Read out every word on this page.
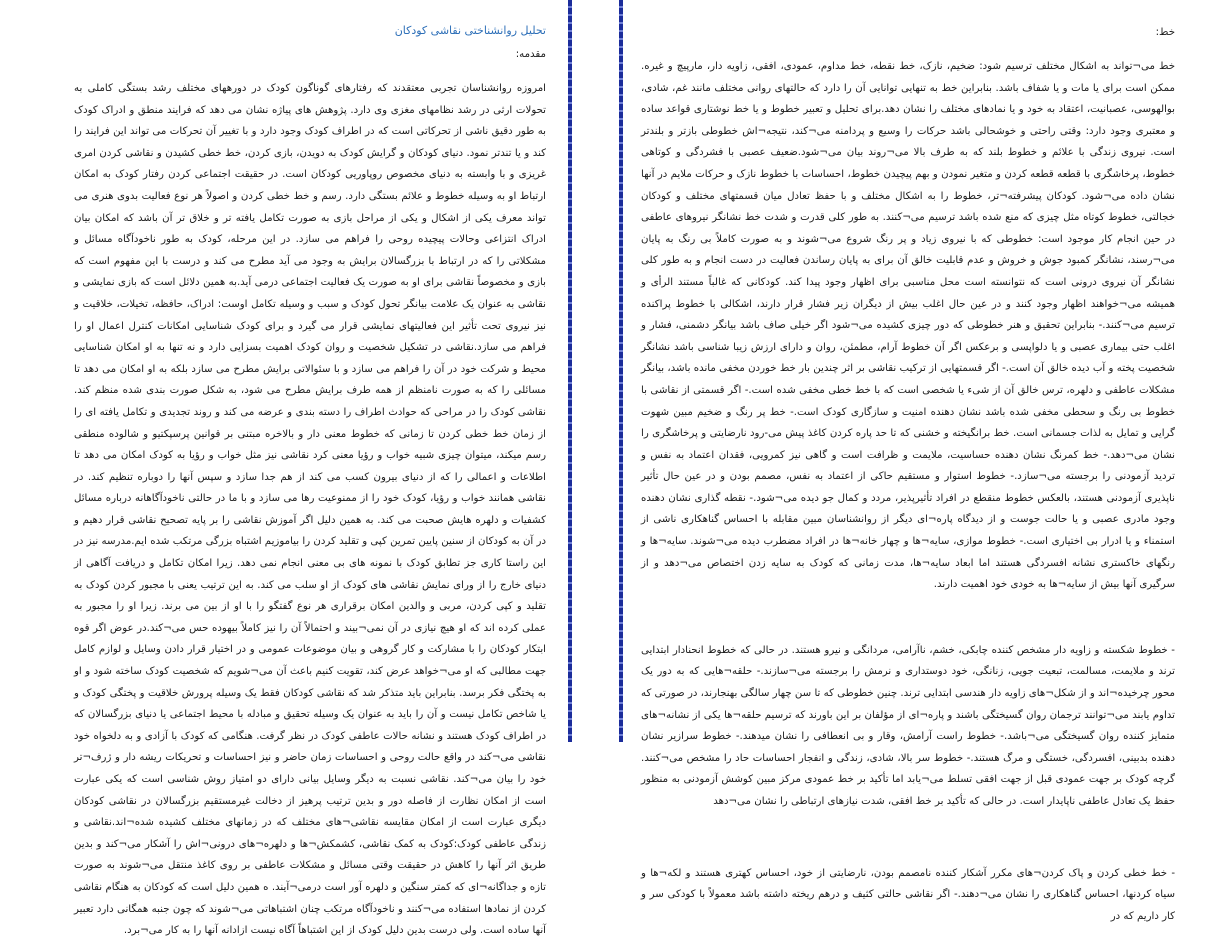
تحلیل روانشناختی نقاشی کودکان
مقدمه:

امروزه روانشناسان تجربی معتقدند که رفتارهای گوناگون کودک در دورههای مختلف رشد بستگی کاملی به تحولات ارثی در رشد نظامهای مغزی وی دارد. پژوهش های پیاژه نشان می دهد که فرایند منطق و ادراک کودک به طور دقیق ناشی از تحرکاتی است که در اطراف کودک وجود دارد و با تغییر آن تحرکات می تواند این فرایند را کند و یا تندتر نمود. دنیای کودکان و گرایش کودک به دویدن، بازی کردن، خط خطی کشیدن و نقاشی کردن امری غریزی و با وابسته به دنیای مخصوص روپاوریی کودکان است. در حقیقت اجتماعی کردن رفتار کودک به امکان ارتباط او به وسیله خطوط و علائم بستگی دارد. رسم و خط خطی کردن و اصولاً هر نوع فعالیت بدوی هنری می تواند معرف یکی از اشکال و یکی از مراحل بازی به صورت تکامل یافته تر و خلاق تر آن باشد که امکان بیان ادراک انتزاعی وحالات پیچیده روحی را فراهم می سازد. در این مرحله، کودک به طور ناخودآگاه مسائل و مشکلاتی را که در ارتباط با بزرگسالان برایش به وجود می آید مطرح می کند و درست با این مفهوم است که بازی و مخصوصاً نقاشی برای او به صورت یک فعالیت اجتماعی درمی آید.به همین دلائل است که بازی نمایشی و نقاشی به عنوان یک علامت بیانگر تحول کودک و سبب و وسیله تکامل اوست: ادراک، حافظه، تخیلات، خلاقیت و نیز نیروی تحت تأثیر این فعالیتهای نمایشی قرار می گیرد و برای کودک شناسایی امکانات کنترل اعمال او را فراهم می سازد.نقاشی در تشکیل شخصیت و روان کودک اهمیت بسزایی دارد و نه تنها به او امکان شناسایی محیط و شرکت خود در آن را فراهم می سازد و با سئوالاتی برایش مطرح می سازد بلکه به او امکان می دهد تا مسائلی را که به صورت نامنظم از همه طرف برایش مطرح می شود، به شکل صورت بندی شده منظم کند. نقاشی کودک را در مراحی که حوادث اطراف را دسته بندی و عرضه می کند و روند تجدیدی و تکامل یافته ای را از زمان خط خطی کردن تا زمانی که خطوط معنی دار و بالاخره مبتنی بر قوانین پرسپکتیو و شالوده منطقی رسم میکند، میتوان چیزی شبیه خواب و رؤیا معنی کرد نقاشی نیز مثل خواب و رؤیا به کودک امکان می دهد تا اطلاعات و اعمالی را که از دنیای بیرون کسب می کند از هم جدا سازد و سپس آنها را دوباره تنظیم کند. در نقاشی همانند خواب و رؤیا، کودک خود را از ممنوعیت رها می سازد و با ما در حالتی ناخودآگاهانه درباره مسائل کشفیات و دلهره هایش صحبت می کند. به همین دلیل اگر آموزش نقاشی را بر پایه تصحیح نقاشی قرار دهیم و در آن به کودکان از سنین پایین تمرین کپی و تقلید کردن را بیاموزیم اشتباه بزرگی مرتکب شده ایم.مدرسه نیز در این راستا کاری جز تطابق کودک با نمونه های بی معنی انجام نمی دهد. زیرا امکان تکامل و دریافت آگاهی از دنیای خارج را از ورای نمایش نقاشی های کودک از او سلب می کند. به این ترتیب یعنی با مجبور کردن کودک به تقلید و کپی کردن، مربی و والدین امکان برقراری هر نوع گفتگو را با او از بین می برند. زیرا او را مجبور به عملی کرده اند که او هیچ نیازی در آن نمی¬بیند و احتمالاً آن را نیز کاملاً بیهوده حس می¬کند.در عوض اگر قوه ابتکار کودکان را با مشارکت و کار گروهی و بیان موضوعات عمومی و در اختیار قرار دادن وسایل و لوازم کامل جهت مطالبی که او می¬خواهد عرض کند، تقویت کنیم باعث آن می¬شویم که شخصیت کودک ساخته شود و او به پختگی فکر برسد. بنابراین باید متذکر شد که نقاشی کودکان فقط یک وسیله پرورش خلاقیت و پختگی کودک و یا شاخص تکامل نیست و آن را باید به عنوان یک وسیله تحقیق و مبادله با محیط اجتماعی یا دنیای بزرگسالان که در اطراف کودک هستند و نشانه حالات عاطفی کودک در نظر گرفت. هنگامی که کودک با آزادی و به دلخواه خود نقاشی می¬کند در واقع حالت روحی و احساسات زمان حاضر و نیز احساسات و تحریکات ریشه دار و ژرف¬تر خود را بیان می¬کند. نقاشی نسبت به دیگر وسایل بیانی دارای دو امتیاز روش شناسی است که یکی عبارت است از امکان نظارت از فاصله دور و بدین ترتیب پرهیز از دخالت غیرمستقیم بزرگسالان در نقاشی کودکان دیگری عبارت است از امکان مقایسه نقاشی¬های مختلف که در زمانهای مختلف کشیده شده¬اند.نقاشی و زندگی عاطفی کودک:کودک به کمک نقاشی، کشمکش¬ها و دلهره¬های درونی¬اش را آشکار می¬کند و بدین طریق اثر آنها را کاهش در حقیقت وقتی مسائل و مشکلات عاطفی بر روی کاغذ منتقل می¬شوند به صورت تازه و جداگانه¬ای که کمتر سنگین و دلهره آور است درمی¬آیند. ه همین دلیل است که کودکان به هنگام نقاشی کردن از نمادها استفاده می¬کنند و ناخودآگاه مرتکب چنان اشتباهاتی می¬شوند که چون جنبه همگانی دارد تعبیر آنها ساده است. ولی درست بدین دلیل کودک از این اشتباهاً آگاه نیست ازادانه آنها را به کار می¬برد.

خط:

خط می¬تواند به اشکال مختلف ترسیم شود: ضخیم، نازک، خط نقطه، خط مداوم، عمودی، افقی، زاویه دار، مارپیچ و غیره. ممکن است برای یا مات و یا شفاف باشد. بنابراین خط به تنهایی توانایی آن را دارد که حالتهای روانی مختلف مانند غم، شادی، بوالهوسی، عصبانیت، اعتقاد به خود و یا نمادهای مختلف را نشان دهد.برای تحلیل و تعبیر خطوط و یا خط نوشتاری قواعد ساده و معتبری وجود دارد: وقتی راحتی و خوشحالی باشد حرکات را وسیع و پردامنه می¬کند، نتیجه¬اش خطوطی بازتر و بلندتر است. نیروی زندگی با علائم و خطوط بلند که به طرف بالا می¬روند بیان می¬شود.ضعیف عصبی با فشردگی و کوتاهی خطوط، پرخاشگری با قطعه قطعه کردن و متغیر نمودن و بهم پیچیدن خطوط، احساسات با خطوط نازک و حرکات ملایم در آنها نشان داده می¬شود. کودکان پیشرفته¬تر، خطوط را به اشکال مختلف و با حفظ تعادل میان قسمتهای مختلف و کودکان خجالتی، خطوط کوتاه مثل چیزی که منع شده باشد ترسیم می¬کنند. به طور کلی قدرت و شدت خط نشانگر نیروهای عاطفی در حین انجام کار موجود است: خطوطی که با نیروی زیاد و پر رنگ شروع می¬شوند و به صورت کاملاً بی رنگ به پایان می¬رسند، نشانگر کمبود جوش و خروش و عدم قابلیت خالق آن برای به پایان رساندن فعالیت در دست انجام و به طور کلی نشانگر آن نیروی درونی است که نتوانسته است محل مناسبی برای اظهار وجود پیدا کند. کودکانی که غالباً مستند الرأی و همیشه می¬خواهند اظهار وجود کنند و در عین حال اغلب بیش از دیگران زیر فشار قرار دارند، اشکالی با خطوط پراکنده ترسیم می¬کنند.- بنابراین تحقیق و هنر خطوطی که دور چیزی کشیده می¬شود اگر خیلی صاف باشد بیانگر دشمنی، فشار و اغلب حتی بیماری عصبی و یا دلواپسی و برعکس اگر آن خطوط آرام، مطمئن، روان و دارای ارزش زیبا شناسی باشد نشانگر شخصیت پخته و آب دیده خالق آن است.- اگر قسمتهایی از ترکیب نقاشی بر اثر چندین بار خط خوردن مخفی مانده باشد، بیانگر مشکلات عاطفی و دلهره، ترس خالق آن از شیء یا شخصی است که با خط خطی مخفی شده است.- اگر قسمتی از نقاشی با خطوط بی رنگ و سحطی مخفی شده باشد نشان دهنده امنیت و سازگاری کودک است.- خط پر رنگ و ضخیم مبین شهوت گرایی و تمایل به لذات جسمانی است. خط برانگیخته و خشنی که تا حد پاره کردن کاغذ پیش می-رود نارضایتی و پرخاشگری را نشان می¬دهد.- خط کمرنگ نشان دهنده حساسیت، ملایمت و ظرافت است و گاهی نیز کمرویی، فقدان اعتماد به نفس و تردید آزمودنی را برجسته می¬سازد.- خطوط استوار و مستقیم حاکی از اعتماد به نفس، مصمم بودن و در عین حال تأثیر ناپذیری آزمودنی هستند، بالعکس خطوط منقطع در افراد تأثیرپذیر، مردد و کمال جو دیده می¬شود.- نقطه گذاری نشان دهنده وجود مادری عصبی و یا حالت جوست و از دیدگاه پاره¬ای دیگر از روانشناسان مبین مقابله با احساس گناهکاری ناشی از استمناء و یا ادرار بی اختیاری است.- خطوط موازی، سایه¬ها و چهار خانه¬ها در افراد مضطرب دیده می¬شوند. سایه¬ها و رنگهای خاکستری نشانه افسردگی هستند اما ابعاد سایه¬ها، مدت زمانی که کودک به سایه زدن اختصاص می¬دهد و از سرگیری آنها بیش از سایه¬ها به خودی خود اهمیت دارند.

- خطوط شکسته و زاویه دار مشخص کننده چابکی، خشم، ناآرامی، مردانگی و نیرو هستند. در حالی که خطوط انحنادار ابتدایی ترند و ملایمت، مسالمت، تبعیت جویی، زنانگی، خود دوستداری و نرمش را برجسته می¬سازند.- حلقه¬هایی که به دور یک محور چرخیده¬اند و از شکل¬های زاویه دار هندسی ابتدایی ترند. چنین خطوطی که تا سن چهار سالگی بهنجارند، در صورتی که تداوم یابند می¬توانند ترجمان روان گسیختگی باشند و پاره¬ای از مؤلفان بر این باورند که ترسیم حلقه¬ها یکی از نشانه¬های متمایز کننده روان گسیختگی می¬باشد.- خطوط راست آرامش، وقار و بی انعطافی را نشان میدهند.- خطوط سرازیر نشان دهنده بدبینی، افسردگی، خستگی و مرگ هستند.- خطوط سر بالا، شادی، زندگی و انفجار احساسات حاد را مشخص می¬کنند. گرچه کودک بر جهت عمودی قبل از جهت افقی تسلط می¬یابد اما تأکید بر خط عمودی مرکز مبین کوشش آزمودنی به منظور حفظ یک تعادل عاطفی ناپایدار است. در حالی که تأکید بر خط افقی، شدت نیازهای ارتباطی را نشان می¬دهد

- خط خطی کردن و پاک کردن¬های مکرر آشکار کننده نامصمم بودن، نارضایتی از خود، احساس کهتری هستند و لکه¬ها و سیاه کردنها، احساس گناهکاری را نشان می¬دهند.- اگر نقاشی حالتی کثیف و درهم ریخته داشته باشد معمولاً با کودکی سر و کار داریم که در
